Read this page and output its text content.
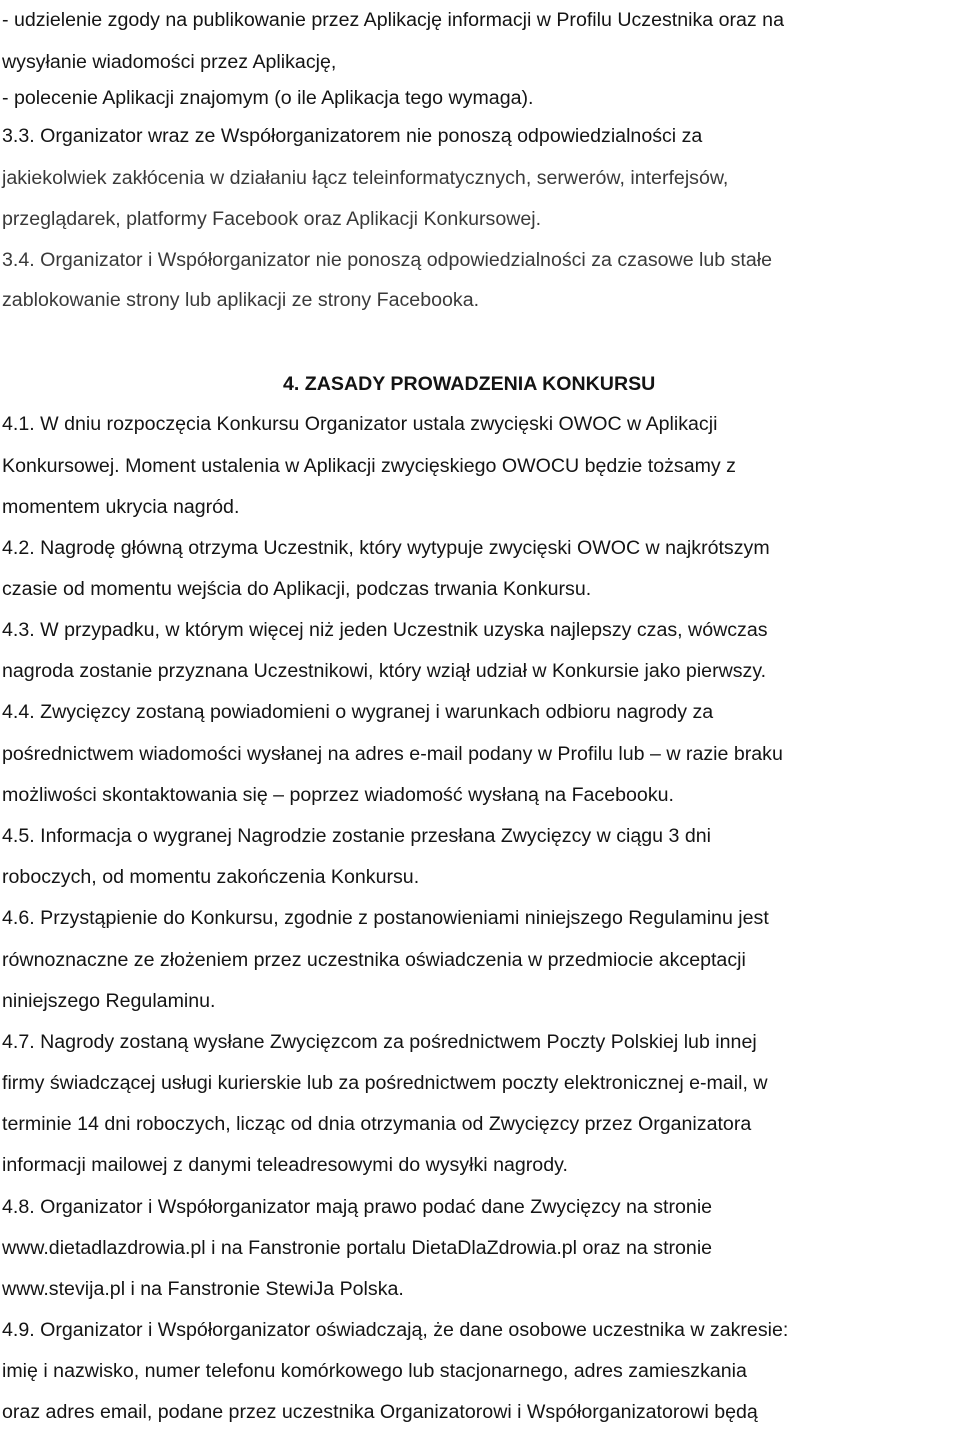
- udzielenie zgody na publikowanie przez Aplikację informacji w Profilu Uczestnika oraz na
wysyłanie wiadomości przez Aplikację,
- polecenie Aplikacji znajomym (o ile Aplikacja tego wymaga).
3.3. Organizator wraz ze Współorganizatorem nie ponoszą odpowiedzialności za
jakiekolwiek zakłócenia w działaniu łącz teleinformatycznych, serwerów, interfejsów,
przeglądarek, platformy Facebook oraz Aplikacji Konkursowej.
3.4. Organizator i Współorganizator nie ponoszą odpowiedzialności za czasowe lub stałe
zablokowanie strony lub aplikacji ze strony Facebooka.
4. ZASADY PROWADZENIA KONKURSU
4.1. W dniu rozpoczęcia Konkursu Organizator ustala zwycięski OWOC w Aplikacji
Konkursowej. Moment ustalenia w Aplikacji zwycięskiego OWOCU będzie tożsamy z
momentem ukrycia nagród.
4.2. Nagrodę główną otrzyma Uczestnik, który wytypuje zwycięski OWOC w najkrótszym
czasie od momentu wejścia do Aplikacji, podczas trwania Konkursu.
4.3. W przypadku, w którym więcej niż jeden Uczestnik uzyska najlepszy czas, wówczas
nagroda zostanie przyznana Uczestnikowi, który wziął udział w Konkursie jako pierwszy.
4.4. Zwycięzcy zostaną powiadomieni o wygranej i warunkach odbioru nagrody za
pośrednictwem wiadomości wysłanej na adres e-mail podany w Profilu lub – w razie braku
możliwości skontaktowania się – poprzez wiadomość wysłaną na Facebooku.
4.5. Informacja o wygranej Nagrodzie zostanie przesłana Zwycięzcy w ciągu 3 dni
roboczych, od momentu zakończenia Konkursu.
4.6. Przystąpienie do Konkursu, zgodnie z postanowieniami niniejszego Regulaminu jest
równoznaczne ze złożeniem przez uczestnika oświadczenia w przedmiocie akceptacji
niniejszego Regulaminu.
4.7. Nagrody zostaną wysłane Zwycięzcom za pośrednictwem Poczty Polskiej lub innej
firmy świadczącej usługi kurierskie lub za pośrednictwem poczty elektronicznej e-mail, w
terminie 14 dni roboczych, licząc od dnia otrzymania od Zwycięzcy przez Organizatora
informacji mailowej z danymi teleadresowymi do wysyłki nagrody.
4.8. Organizator i Współorganizator mają prawo podać dane Zwycięzcy na stronie
www.dietadlazdrowia.pl i na Fanstronie portalu DietaDlaZdrowia.pl oraz na stronie
www.stevija.pl i na Fanstronie StewiJa Polska.
4.9. Organizator i Współorganizator oświadczają, że dane osobowe uczestnika w zakresie:
imię i nazwisko, numer telefonu komórkowego lub stacjonarnego, adres zamieszkania
oraz adres email, podane przez uczestnika Organizatorowi i Współorganizatorowi będą
